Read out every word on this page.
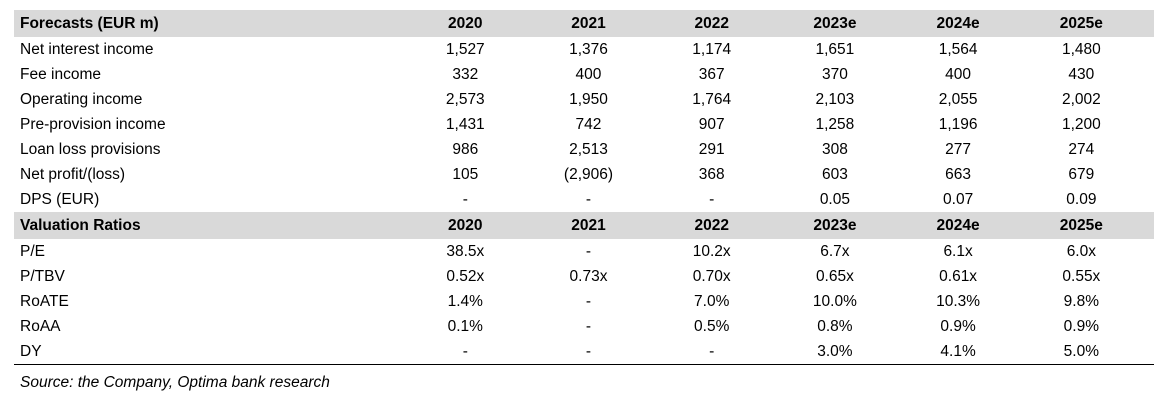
Forecasts (EUR m)	2020	2021	2022	2023e	2024e	2025e
Net interest income	1,527	1,376	1,174	1,651	1,564	1,480
Fee income	332	400	367	370	400	430
Operating income	2,573	1,950	1,764	2,103	2,055	2,002
Pre-provision income	1,431	742	907	1,258	1,196	1,200
Loan loss provisions	986	2,513	291	308	277	274
Net profit/(loss)	105	(2,906)	368	603	663	679
DPS (EUR)	-	-	-	0.05	0.07	0.09
Valuation Ratios	2020	2021	2022	2023e	2024e	2025e
P/E	38.5x	-	10.2x	6.7x	6.1x	6.0x
P/TBV	0.52x	0.73x	0.70x	0.65x	0.61x	0.55x
RoATE	1.4%	-	7.0%	10.0%	10.3%	9.8%
RoAA	0.1%	-	0.5%	0.8%	0.9%	0.9%
DY	-	-	-	3.0%	4.1%	5.0%
Source: the Company, Optima bank research
